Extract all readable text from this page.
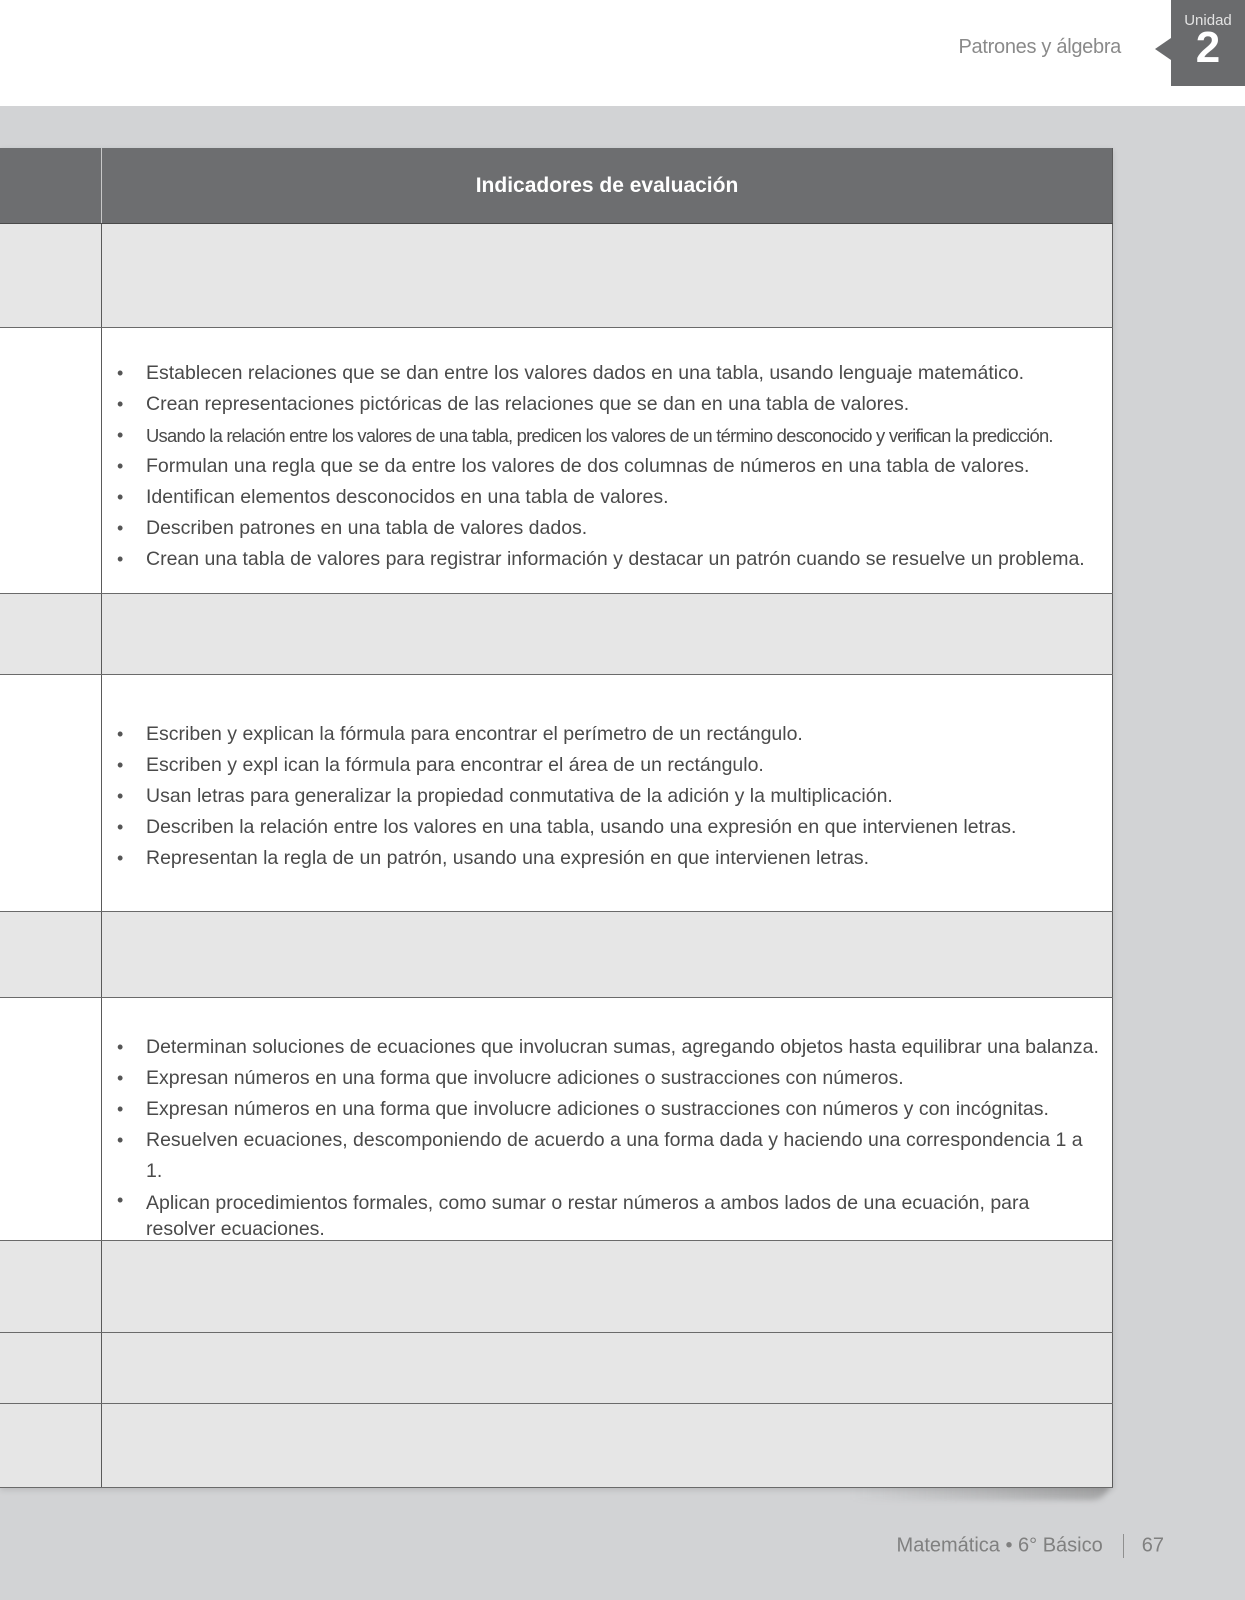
Patrones y álgebra
Unidad
2
Indicadores de evaluación
• Establecen relaciones que se dan entre los valores dados en una tabla, usando lenguaje matemático.
• Crean representaciones pictóricas de las relaciones que se dan en una tabla de valores.
• Usando la relación entre los valores de una tabla, predicen los valores de un término desconocido y verifican la predicción.
• Formulan una regla que se da entre los valores de dos columnas de números en una tabla de valores.
• Identifican elementos desconocidos en una tabla de valores.
• Describen patrones en una tabla de valores dados.
• Crean una tabla de valores para registrar información y destacar un patrón cuando se resuelve un problema.
• Escriben y explican la fórmula para encontrar el perímetro de un rectángulo.
• Escriben y expl ican la fórmula para encontrar el área de un rectángulo.
• Usan letras para generalizar la propiedad conmutativa de la adición y la multiplicación.
• Describen la relación entre los valores en una tabla, usando una expresión en que intervienen letras.
• Representan la regla de un patrón, usando una expresión en que intervienen letras.
• Determinan soluciones de ecuaciones que involucran sumas, agregando objetos hasta equilibrar una balanza.
• Expresan números en una forma que involucre adiciones o sustracciones con números.
• Expresan números en una forma que involucre adiciones o sustracciones con números y con incógnitas.
• Resuelven ecuaciones, descomponiendo de acuerdo a una forma dada y haciendo una correspondencia 1 a 1.
• Aplican procedimientos formales, como sumar o restar números a ambos lados de una ecuación, para resolver ecuaciones.
Matemática • 6° Básico 67
